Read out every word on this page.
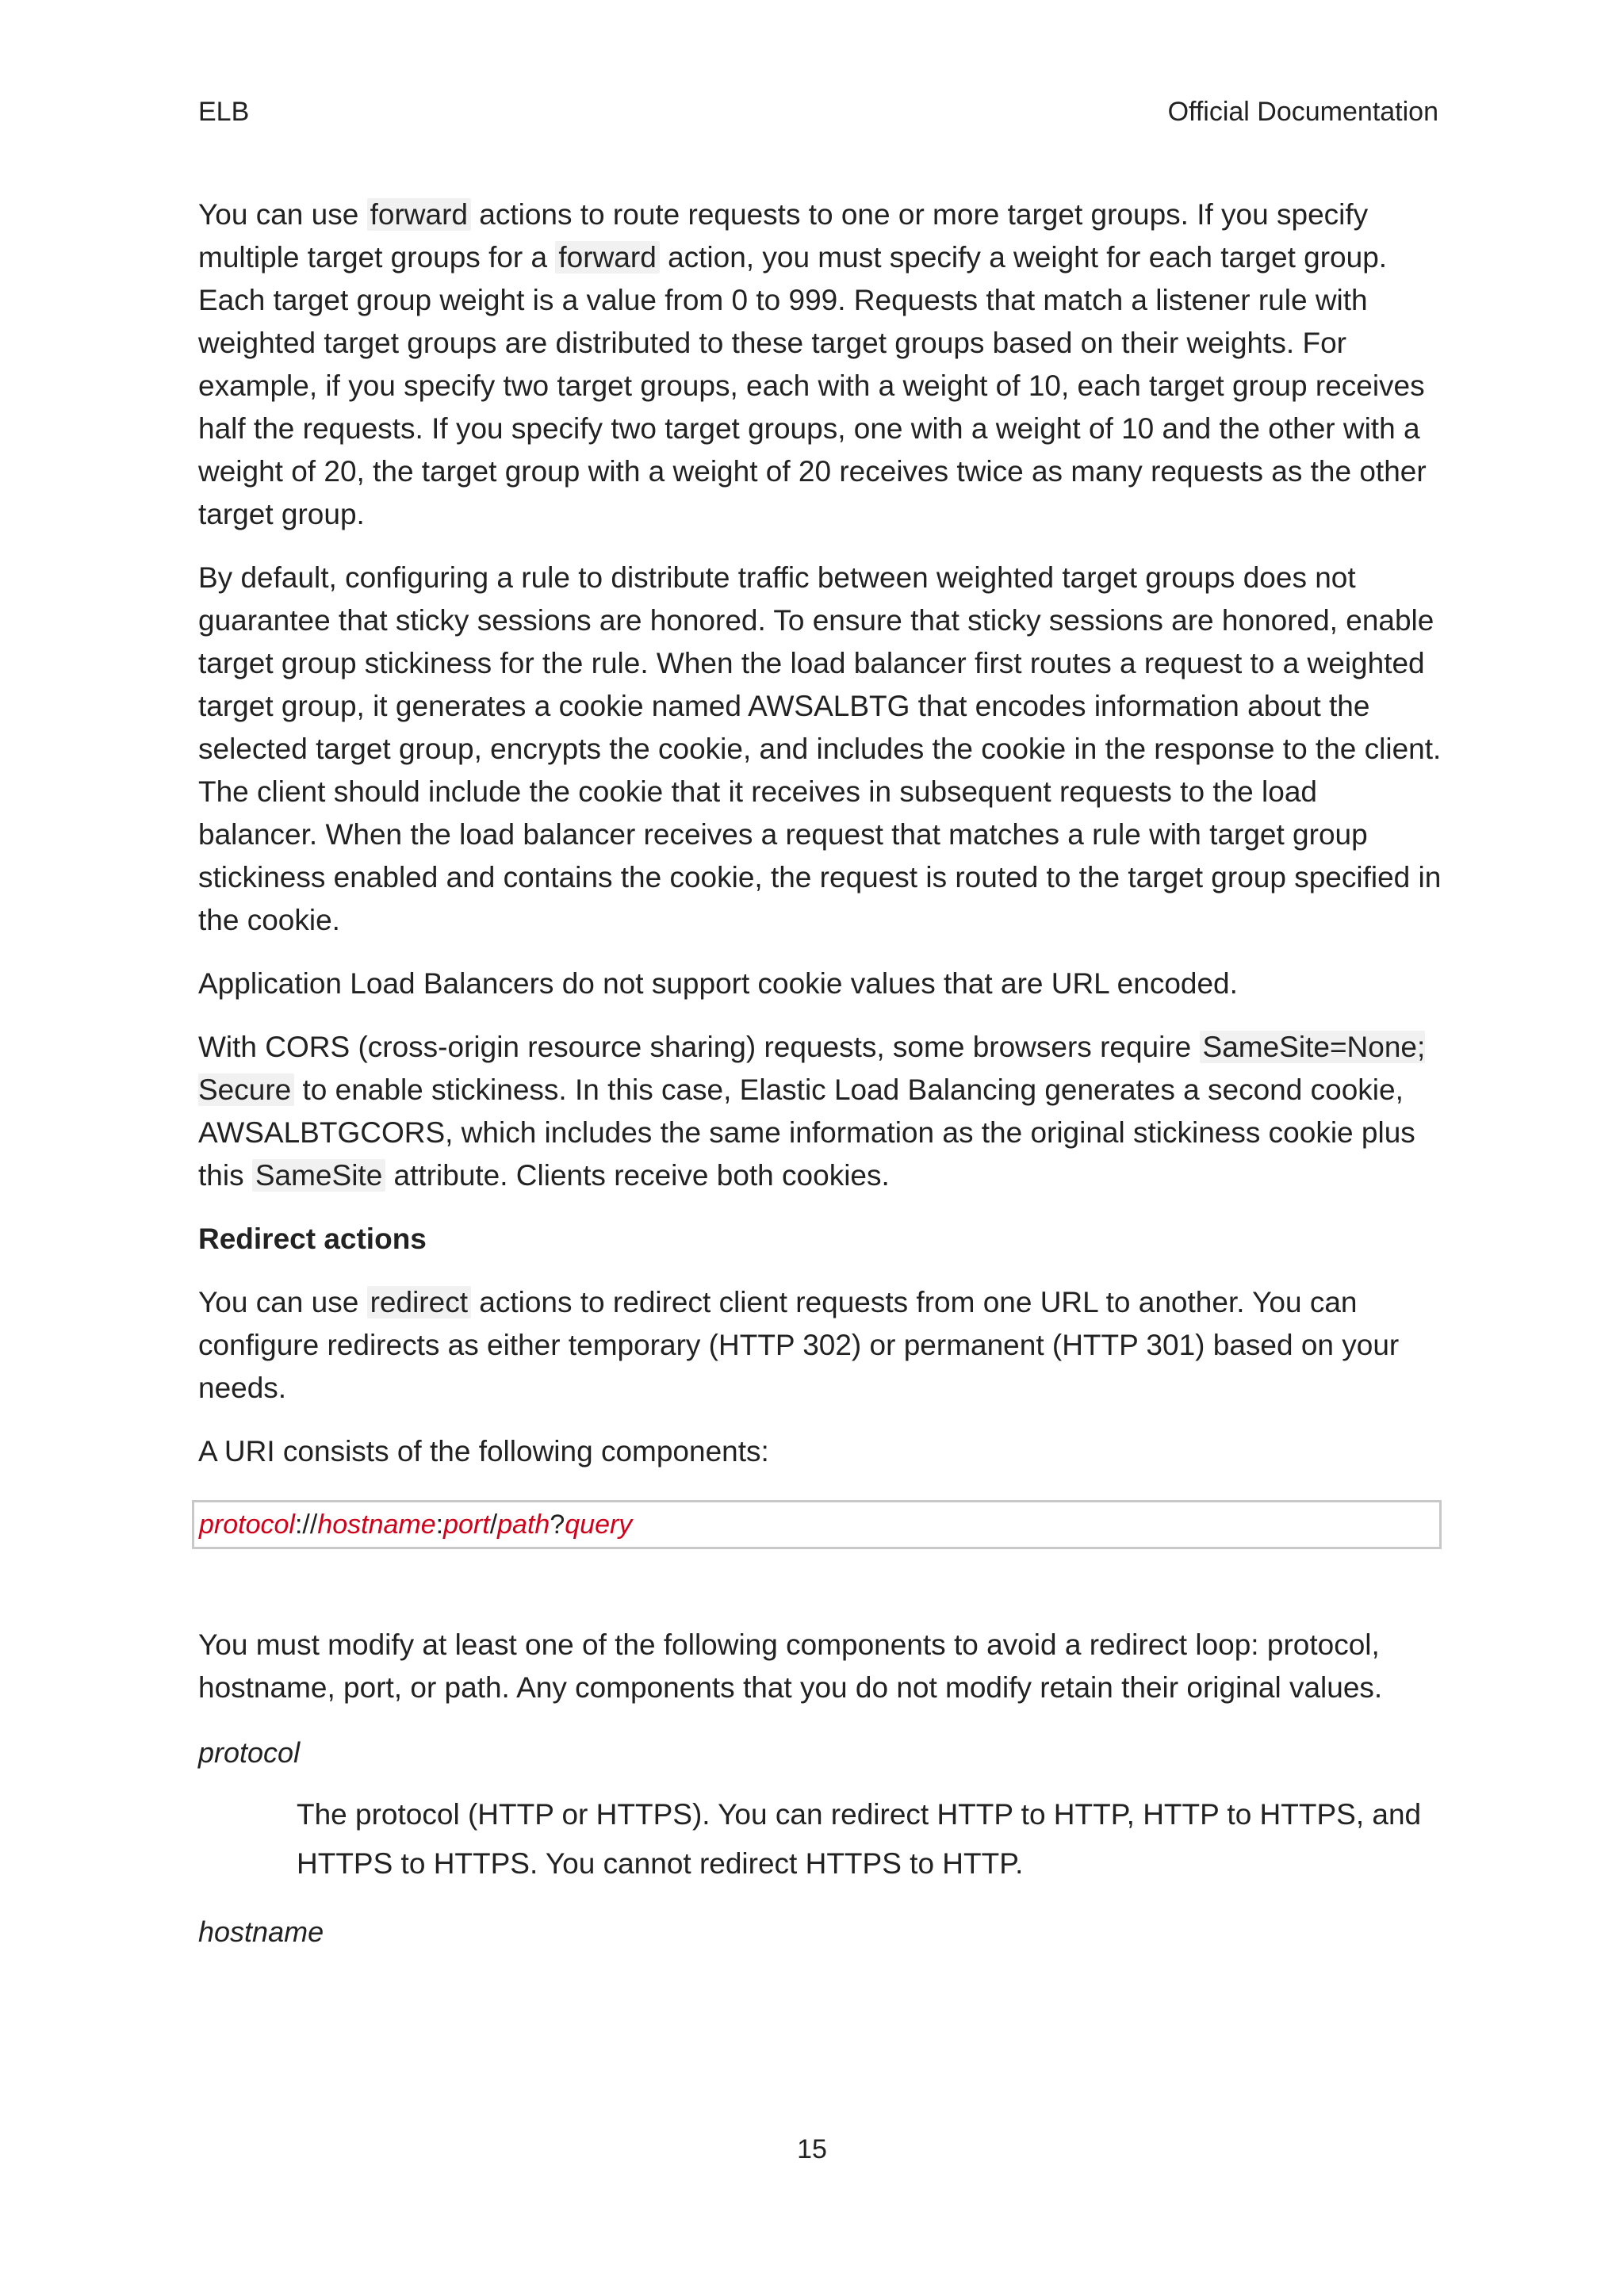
ELB	Official Documentation

You can use forward actions to route requests to one or more target groups. If you specify multiple target groups for a forward action, you must specify a weight for each target group. Each target group weight is a value from 0 to 999. Requests that match a listener rule with weighted target groups are distributed to these target groups based on their weights. For example, if you specify two target groups, each with a weight of 10, each target group receives half the requests. If you specify two target groups, one with a weight of 10 and the other with a weight of 20, the target group with a weight of 20 receives twice as many requests as the other target group.

By default, configuring a rule to distribute traffic between weighted target groups does not guarantee that sticky sessions are honored. To ensure that sticky sessions are honored, enable target group stickiness for the rule. When the load balancer first routes a request to a weighted target group, it generates a cookie named AWSALBTG that encodes information about the selected target group, encrypts the cookie, and includes the cookie in the response to the client. The client should include the cookie that it receives in subsequent requests to the load balancer. When the load balancer receives a request that matches a rule with target group stickiness enabled and contains the cookie, the request is routed to the target group specified in the cookie.

Application Load Balancers do not support cookie values that are URL encoded.

With CORS (cross-origin resource sharing) requests, some browsers require SameSite=None; Secure to enable stickiness. In this case, Elastic Load Balancing generates a second cookie, AWSALBTGCORS, which includes the same information as the original stickiness cookie plus this SameSite attribute. Clients receive both cookies.

Redirect actions

You can use redirect actions to redirect client requests from one URL to another. You can configure redirects as either temporary (HTTP 302) or permanent (HTTP 301) based on your needs.

A URI consists of the following components:

protocol :// hostname : port / path ? query

You must modify at least one of the following components to avoid a redirect loop: protocol, hostname, port, or path. Any components that you do not modify retain their original values.

protocol
The protocol (HTTP or HTTPS). You can redirect HTTP to HTTP, HTTP to HTTPS, and HTTPS to HTTPS. You cannot redirect HTTPS to HTTP.
hostname
15
